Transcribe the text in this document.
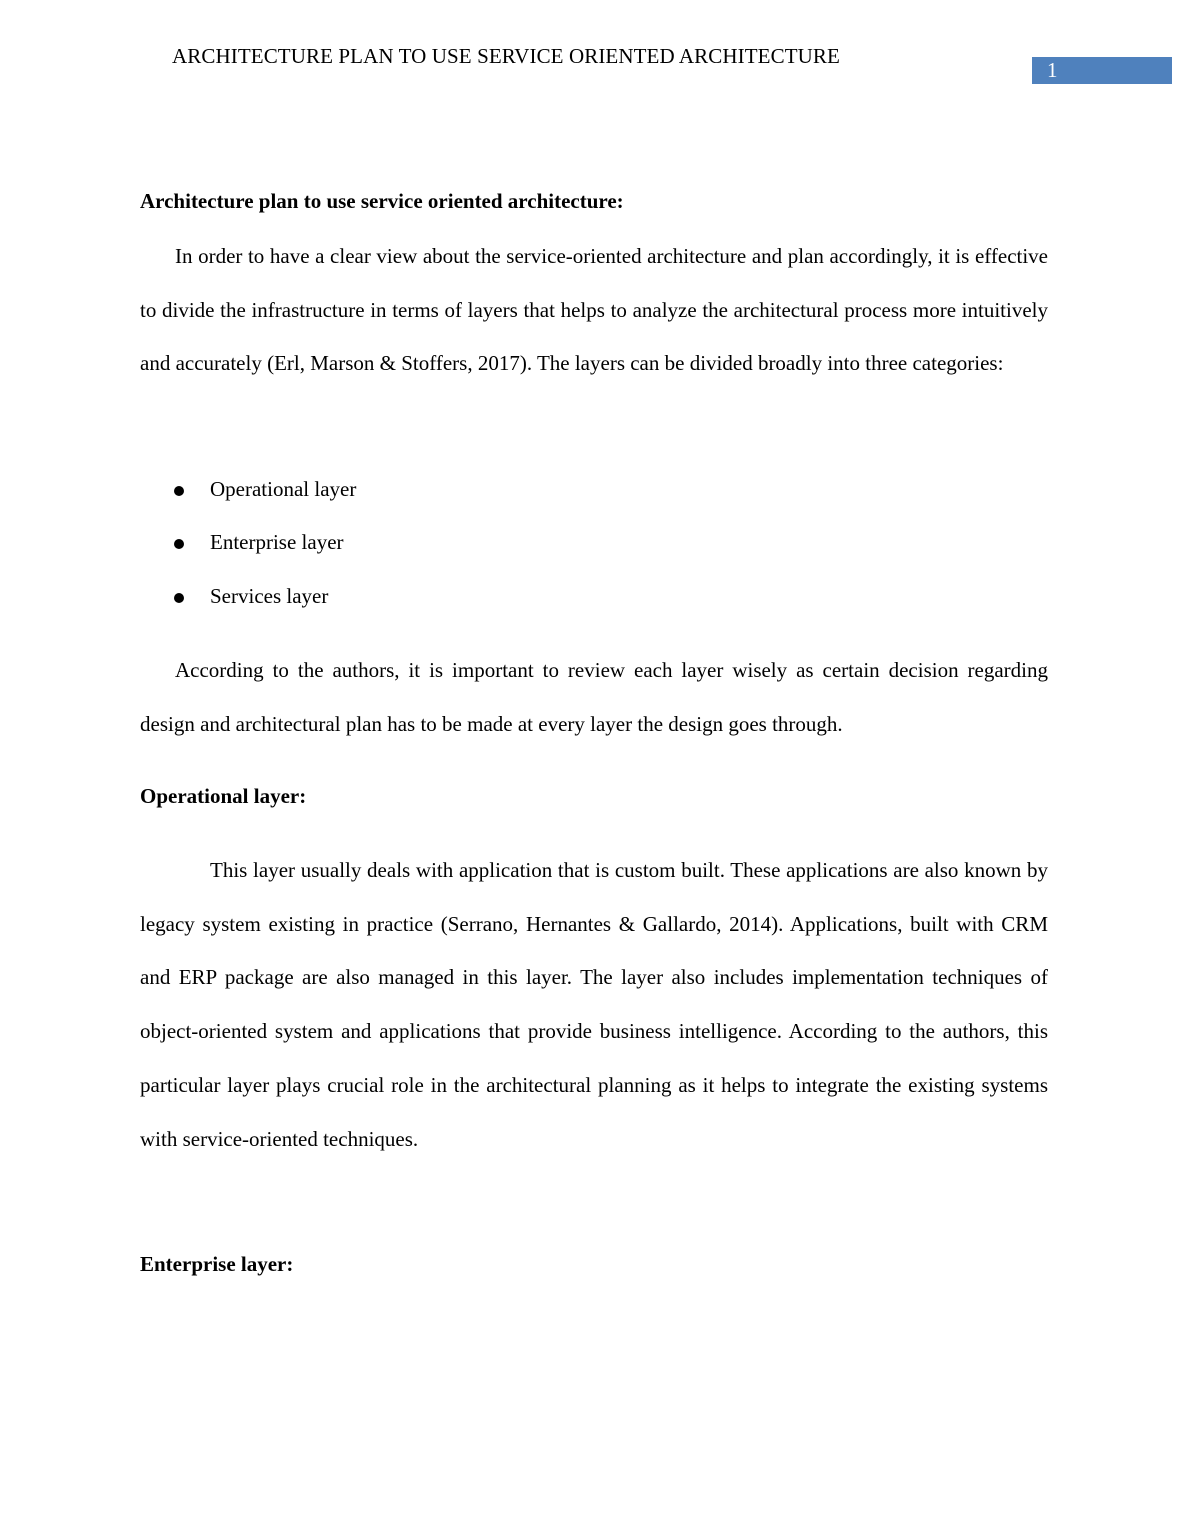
ARCHITECTURE PLAN TO USE SERVICE ORIENTED ARCHITECTURE
1
Architecture plan to use service oriented architecture:

In order to have a clear view about the service-oriented architecture and plan accordingly, it is effective to divide the infrastructure in terms of layers that helps to analyze the architectural process more intuitively and accurately (Erl, Marson & Stoffers, 2017). The layers can be divided broadly into three categories:

Operational layer
Enterprise layer
Services layer

According to the authors, it is important to review each layer wisely as certain decision regarding design and architectural plan has to be made at every layer the design goes through.

Operational layer:

This layer usually deals with application that is custom built. These applications are also known by legacy system existing in practice (Serrano, Hernantes & Gallardo, 2014). Applications, built with CRM and ERP package are also managed in this layer. The layer also includes implementation techniques of object-oriented system and applications that provide business intelligence. According to the authors, this particular layer plays crucial role in the architectural planning as it helps to integrate the existing systems with service-oriented techniques.

Enterprise layer:
